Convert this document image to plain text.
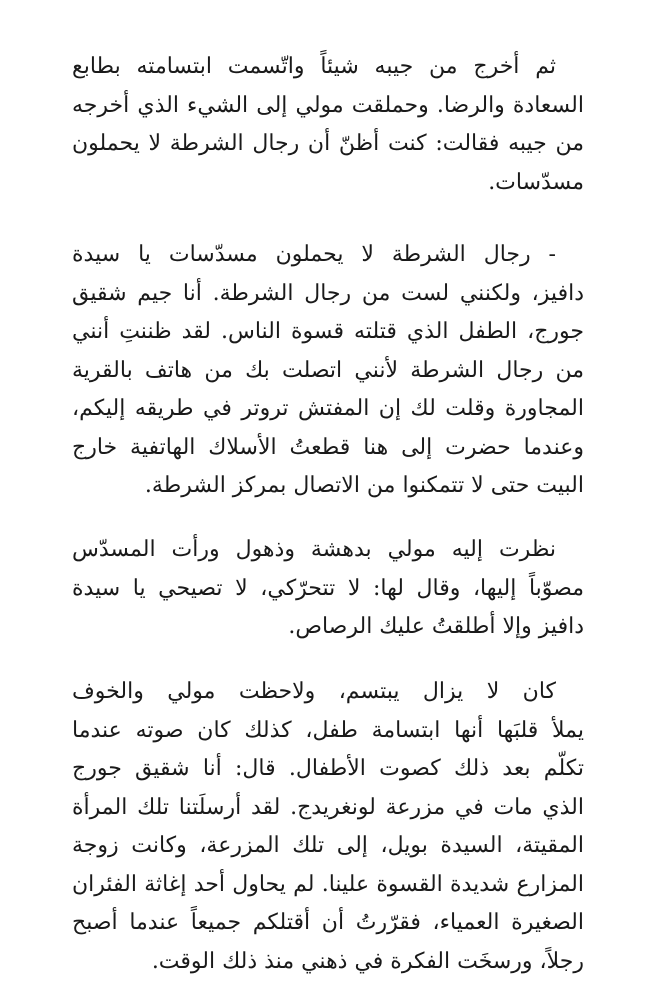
ثم أخرج من جيبه شيئاً واتّسمت ابتسامته بطابع
السعادة والرضا. وحملقت مولي إلى الشيء الذي أخرجه
من جيبه فقالت: كنت أظنّ أن رجال الشرطة لا يحملون
مسدّسات.
- رجال الشرطة لا يحملون مسدّسات يا سيدة
دافيز، ولكنني لست من رجال الشرطة. أنا جيم شقيق
جورج، الطفل الذي قتلته قسوة الناس. لقد ظننتِ أنني
من رجال الشرطة لأنني اتصلت بك من هاتف بالقرية
المجاورة وقلت لك إن المفتش تروتر في طريقه إليكم،
وعندما حضرت إلى هنا قطعتُ الأسلاك الهاتفية خارج
البيت حتى لا تتمكنوا من الاتصال بمركز الشرطة.
نظرت إليه مولي بدهشة وذهول ورأت المسدّس
مصوّباً إليها، وقال لها: لا تتحرّكي، لا تصيحي يا سيدة
دافيز وإلا أطلقتُ عليك الرصاص.
كان لا يزال يبتسم، ولاحظت مولي والخوف
يملأ قلبَها أنها ابتسامة طفل، كذلك كان صوته عندما
تكلّم بعد ذلك كصوت الأطفال. قال: أنا شقيق جورج
الذي مات في مزرعة لونغريدج. لقد أرسلَتنا تلك المرأة
المقيتة، السيدة بويل، إلى تلك المزرعة، وكانت زوجة
المزارع شديدة القسوة علينا. لم يحاول أحد إغاثة الفئران
الصغيرة العمياء، فقرّرتُ أن أقتلكم جميعاً عندما أصبح
رجلاً، ورسخَت الفكرة في ذهني منذ ذلك الوقت.
